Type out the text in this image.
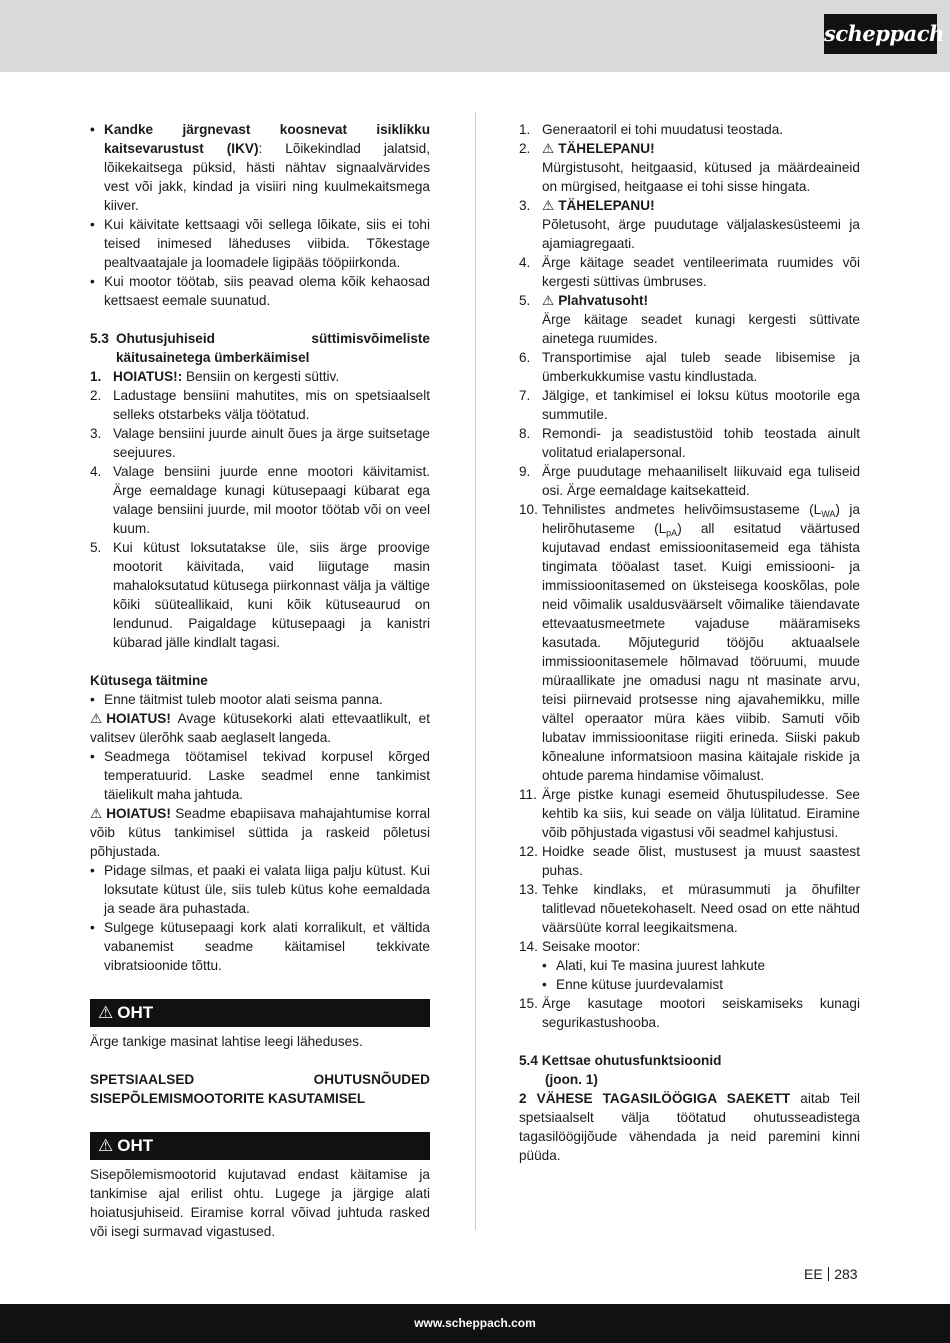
scheppach
• Kandke järgnevast koosnevat isiklikku kaitsevarustust (IKV): Lõikekindlad jalatsid, lõikekaitsega püksid, hästi nähtav signaalvärvides vest või jakk, kindad ja visiiri ning kuulmekaitsmega kiiver.
• Kui käivitate kettsaagi või sellega lõikate, siis ei tohi teised inimesed läheduses viibida. Tõkestage pealtvaatajale ja loomadele ligipääs tööpiirkonda.
• Kui mootor töötab, siis peavad olema kõik kehaosad kettsaest eemale suunatud.
5.3 Ohutusjuhiseid süttimisvõimeliste käitusainetega ümberkäimisel
1. HOIATUS!: Bensiin on kergesti süttiv.
2. Ladustage bensiini mahutites, mis on spetsiaalselt selleks otstarbeks välja töötatud.
3. Valage bensiini juurde ainult õues ja ärge suitsetage seejuures.
4. Valage bensiini juurde enne mootori käivitamist. Ärge eemaldage kunagi kütusepaagi kübarat ega valage bensiini juurde, mil mootor töötab või on veel kuum.
5. Kui kütust loksutatakse üle, siis ärge proovige mootorit käivitada, vaid liigutage masin mahaloksutatud kütusega piirkonnast välja ja vältige kõiki süüteallikaid, kuni kõik kütuseaurud on lendunud. Paigaldage kütusepaagi ja kanistri kübarad jälle kindlalt tagasi.
Kütusega täitmine
• Enne täitmist tuleb mootor alati seisma panna.
⚠ HOIATUS! Avage kütusekorki alati ettevaatlikult, et valitsev ülerõhk saab aeglaselt langeda.
• Seadmega töötamisel tekivad korpusel kõrged temperatuurid. Laske seadmel enne tankimist täielikult maha jahtuda.
⚠ HOIATUS! Seadme ebapiisava mahajahtumise korral võib kütus tankimisel süttida ja raskeid põletusi põhjustada.
• Pidage silmas, et paaki ei valata liiga palju kütust. Kui loksutate kütust üle, siis tuleb kütus kohe eemaldada ja seade ära puhastada.
• Sulgege kütusepaagi kork alati korralikult, et vältida vabanemist seadme käitamisel tekkivate vibratsioonide tõttu.
⚠ OHT
Ärge tankige masinat lahtise leegi läheduses.
SPETSIAALSED OHUTUSNÕUDED SISEPÕLEMISMOOTORITE KASUTAMISEL
⚠ OHT
Sisepõlemismootorid kujutavad endast käitamise ja tankimise ajal erilist ohtu. Lugege ja järgige alati hoiatusjuhiseid. Eiramise korral võivad juhtuda rasked või isegi surmavad vigastused.
1. Generaatoril ei tohi muudatusi teostada.
2. ⚠ TÄHELEPANU!
Mürgistusoht, heitgaasid, kütused ja määrdeaineid on mürgised, heitgaase ei tohi sisse hingata.
3. ⚠ TÄHELEPANU!
Põletusoht, ärge puudutage väljalaskesüsteemi ja ajamiagregaati.
4. Ärge käitage seadet ventileerimata ruumides või kergesti süttivas ümbruses.
5. ⚠ Plahvatusoht!
Ärge käitage seadet kunagi kergesti süttivate ainetega ruumides.
6. Transportimise ajal tuleb seade libisemise ja ümberkukkumise vastu kindlustada.
7. Jälgige, et tankimisel ei loksu kütus mootorile ega summutile.
8. Remondi- ja seadistustöid tohib teostada ainult volitatud erialapersonal.
9. Ärge puudutage mehaaniliselt liikuvaid ega tuliseid osi. Ärge eemaldage kaitsekatteid.
10. Tehnilistes andmetes helivõimsustaseme $(L_{WA})$ ja helirõhutaseme $(L_{pA})$ all esitatud väärtused kujutavad endast emissioonitasemeid ega tähista tingimata tööalast taset. Kuigi emissiooni- ja immissioonitasemed on üksteisega kooskõlas, pole neid võimalik usaldusväärselt võimalike täiendavate ettevaatusmeetmete vajaduse määramiseks kasutada. Mõjutegurid tööjõu aktuaalsele immissioonitasemele hõlmavad tööruumi, muude müraallikate jne omadusi nagu nt masinate arvu, teisi piirnevaid protsesse ning ajavahemikku, mille vältel operaator müra käes viibib. Samuti võib lubatav immissioonitase riigiti erineda. Siiski pakub kõnealune informatsioon masina käitajale riskide ja ohtude parema hindamise võimalust.
11. Ärge pistke kunagi esemeid õhutuspiludesse. See kehtib ka siis, kui seade on välja lülitatud. Eiramine võib põhjustada vigastusi või seadmel kahjustusi.
12. Hoidke seade õlist, mustusest ja muust saastest puhas.
13. Tehke kindlaks, et mürasummuti ja õhufilter talitlevad nõuetekohaselt. Need osad on ette nähtud väärsüüte korral leegikaitsmena.
14. Seisake mootor:
• Alati, kui Te masina juurest lahkute
• Enne kütuse juurdevalamist
15. Ärge kasutage mootori seiskamiseks kunagi segurikastushooba.
5.4 Kettsae ohutusfunktsioonid
(joon. 1)
2 VÄHESE TAGASILÖÖGIGA SAEKETT aitab Teil spetsiaalselt välja töötatud ohutusseadistega tagasilöögijõude vähendada ja neid paremini kinni püüda.
EE 283
www.scheppach.com
